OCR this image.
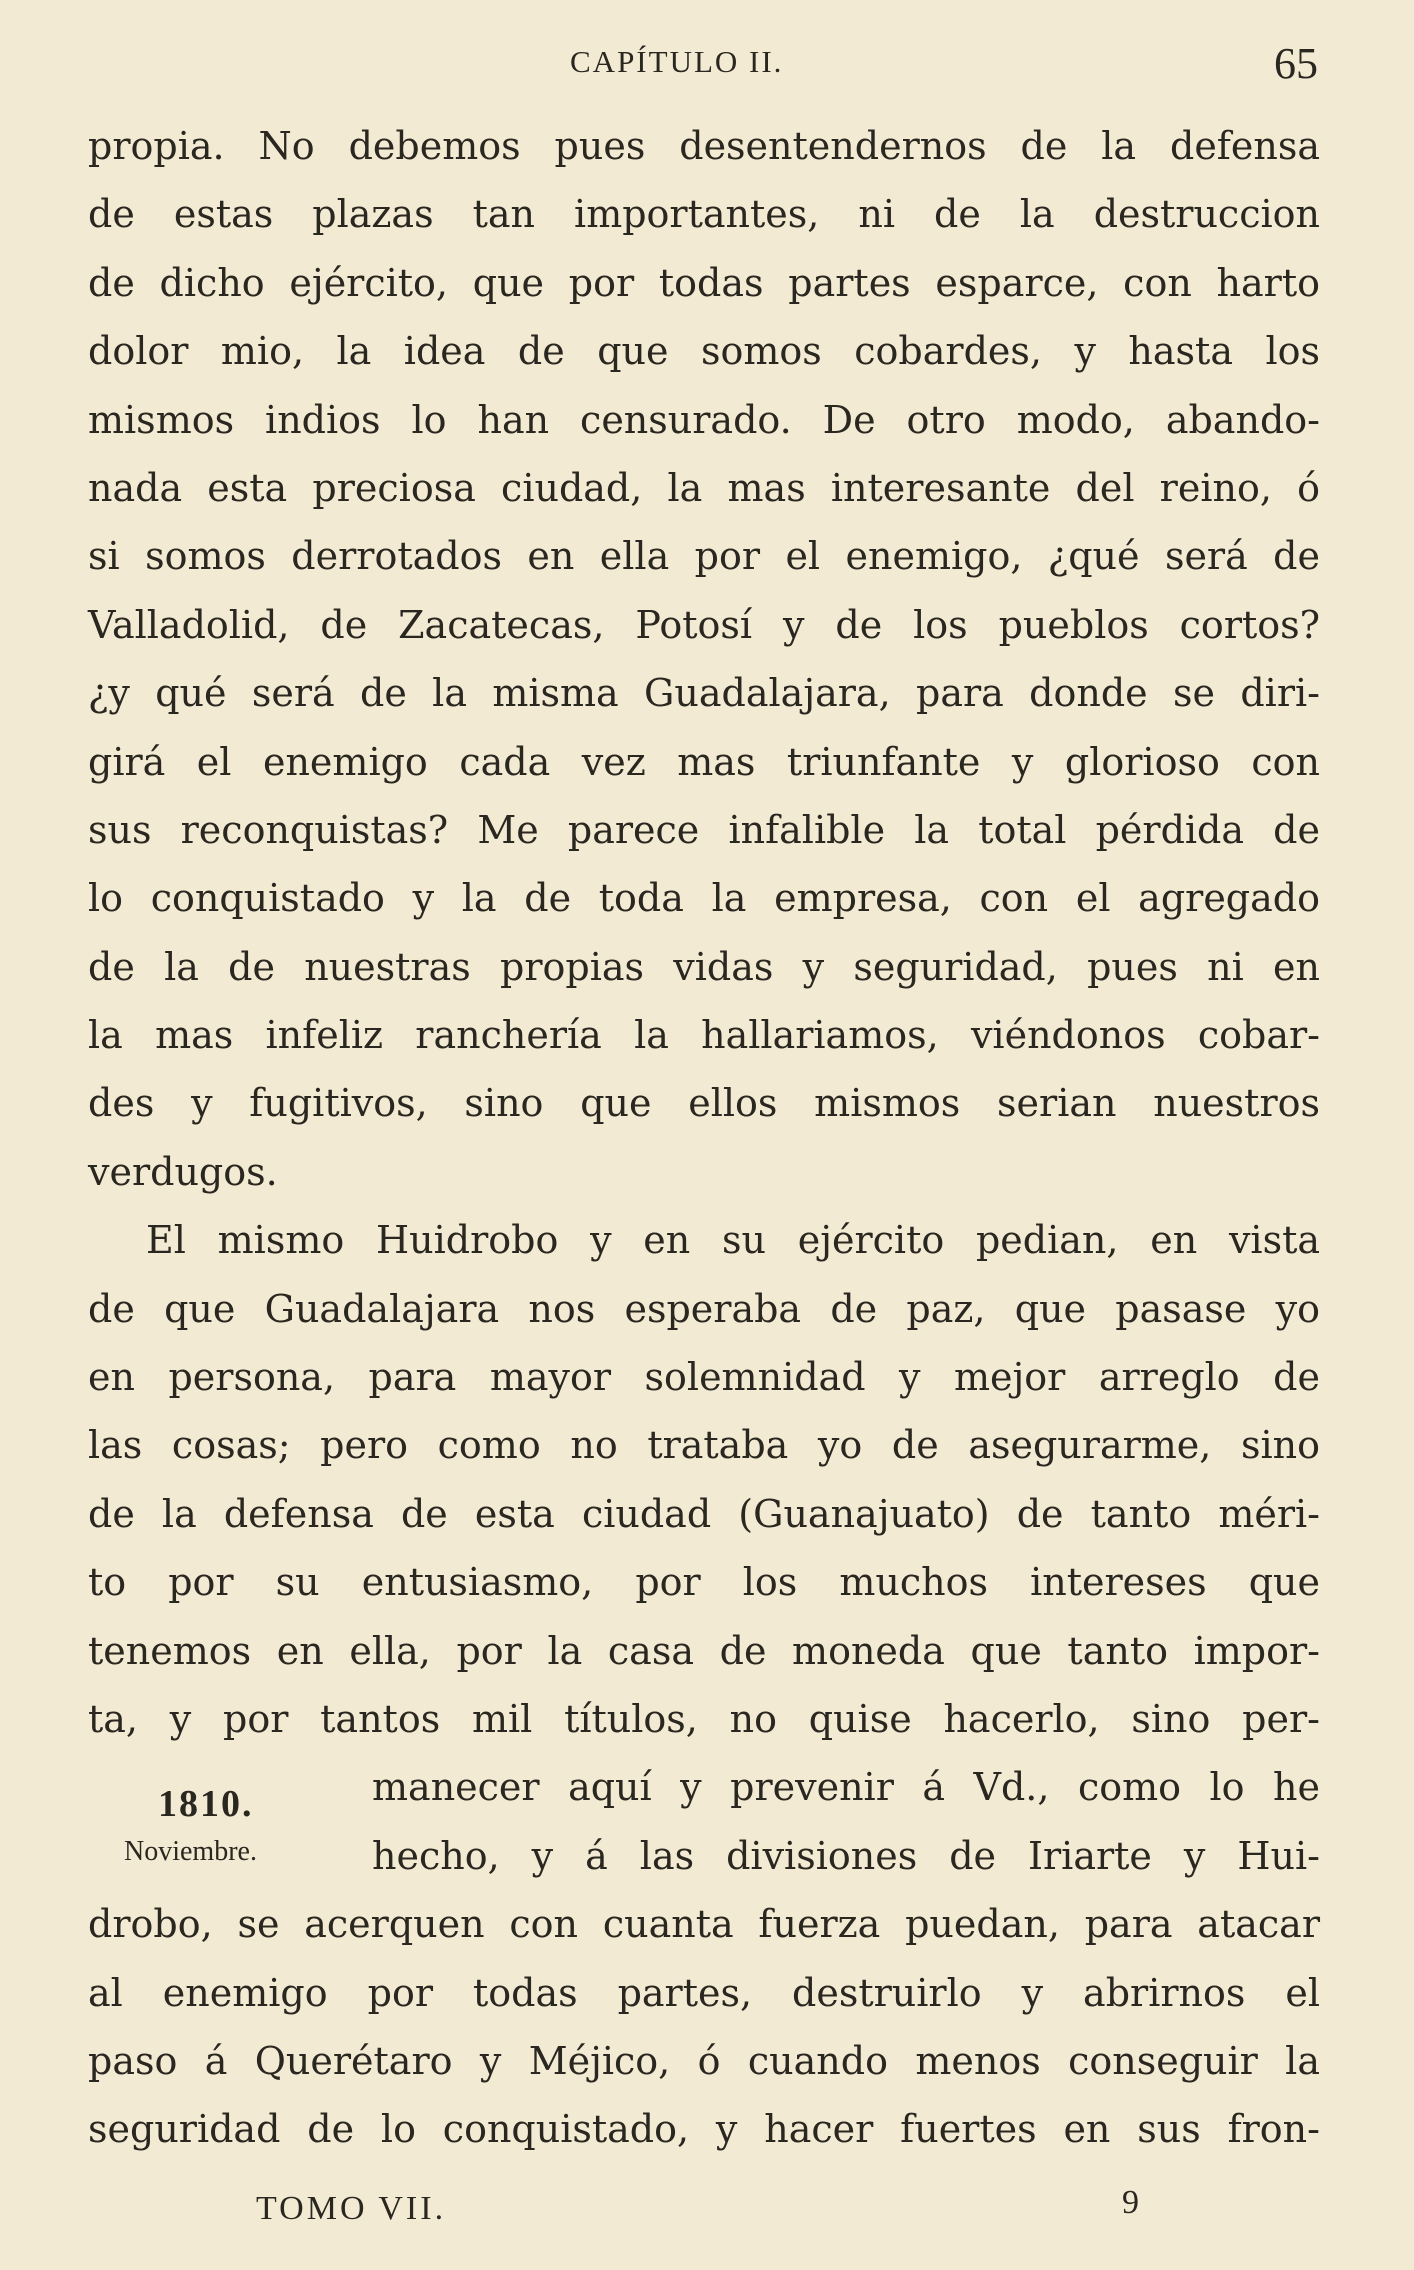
CAPÍTULO II.	65
propia. No debemos pues desentendernos de la defensa
de estas plazas tan importantes, ni de la destruccion
de dicho ejército, que por todas partes esparce, con harto
dolor mio, la idea de que somos cobardes, y hasta los
mismos indios lo han censurado. De otro modo, abando-
nada esta preciosa ciudad, la mas interesante del reino, ó
si somos derrotados en ella por el enemigo, ¿qué será de
Valladolid, de Zacatecas, Potosí y de los pueblos cortos?
¿y qué será de la misma Guadalajara, para donde se diri-
girá el enemigo cada vez mas triunfante y glorioso con
sus reconquistas? Me parece infalible la total pérdida de
lo conquistado y la de toda la empresa, con el agregado
de la de nuestras propias vidas y seguridad, pues ni en
la mas infeliz ranchería la hallariamos, viéndonos cobar-
des y fugitivos, sino que ellos mismos serian nuestros
verdugos.
El mismo Huidrobo y en su ejército pedian, en vista
de que Guadalajara nos esperaba de paz, que pasase yo
en persona, para mayor solemnidad y mejor arreglo de
las cosas; pero como no trataba yo de asegurarme, sino
de la defensa de esta ciudad (Guanajuato) de tanto méri-
to por su entusiasmo, por los muchos intereses que
tenemos en ella, por la casa de moneda que tanto impor-
ta, y por tantos mil títulos, no quise hacerlo, sino per-
manecer aquí y prevenir á Vd., como lo he
hecho, y á las divisiones de Iriarte y Hui-
drobo, se acerquen con cuanta fuerza puedan, para atacar
al enemigo por todas partes, destruirlo y abrirnos el
paso á Querétaro y Méjico, ó cuando menos conseguir la
seguridad de lo conquistado, y hacer fuertes en sus fron-
1810.
Noviembre.
TOMO VII.	9
